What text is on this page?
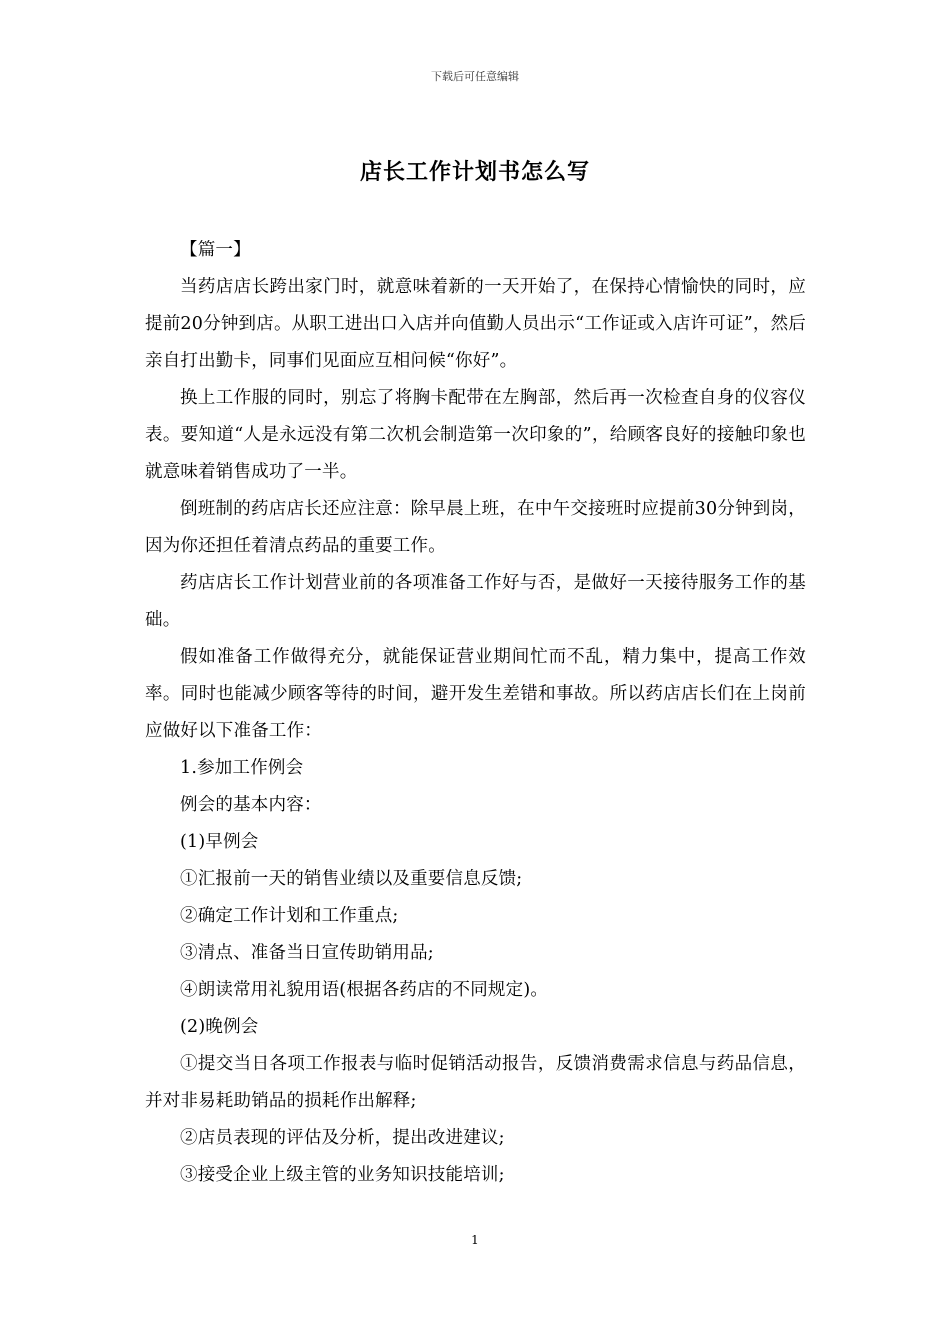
下载后可任意编辑
店长工作计划书怎么写

【篇一】

当药店店长跨出家门时，就意味着新的一天开始了，在保持心情愉快的同时，应提前20分钟到店。从职工进出口入店并向值勤人员出示“工作证或入店许可证”，然后亲自打出勤卡，同事们见面应互相问候“你好”。

换上工作服的同时，别忘了将胸卡配带在左胸部，然后再一次检查自身的仪容仪表。要知道“人是永远没有第二次机会制造第一次印象的”，给顾客良好的接触印象也就意味着销售成功了一半。

倒班制的药店店长还应注意：除早晨上班，在中午交接班时应提前30分钟到岗，因为你还担任着清点药品的重要工作。

药店店长工作计划营业前的各项准备工作好与否，是做好一天接待服务工作的基础。

假如准备工作做得充分，就能保证营业期间忙而不乱，精力集中，提高工作效率。同时也能减少顾客等待的时间，避开发生差错和事故。所以药店店长们在上岗前应做好以下准备工作：

1.参加工作例会

例会的基本内容：

(1)早例会

①汇报前一天的销售业绩以及重要信息反馈;

②确定工作计划和工作重点;

③清点、准备当日宣传助销用品;

④朗读常用礼貌用语(根据各药店的不同规定)。

(2)晚例会

①提交当日各项工作报表与临时促销活动报告，反馈消费需求信息与药品信息，并对非易耗助销品的损耗作出解释;

②店员表现的评估及分析，提出改进建议;

③接受企业上级主管的业务知识技能培训;

1
